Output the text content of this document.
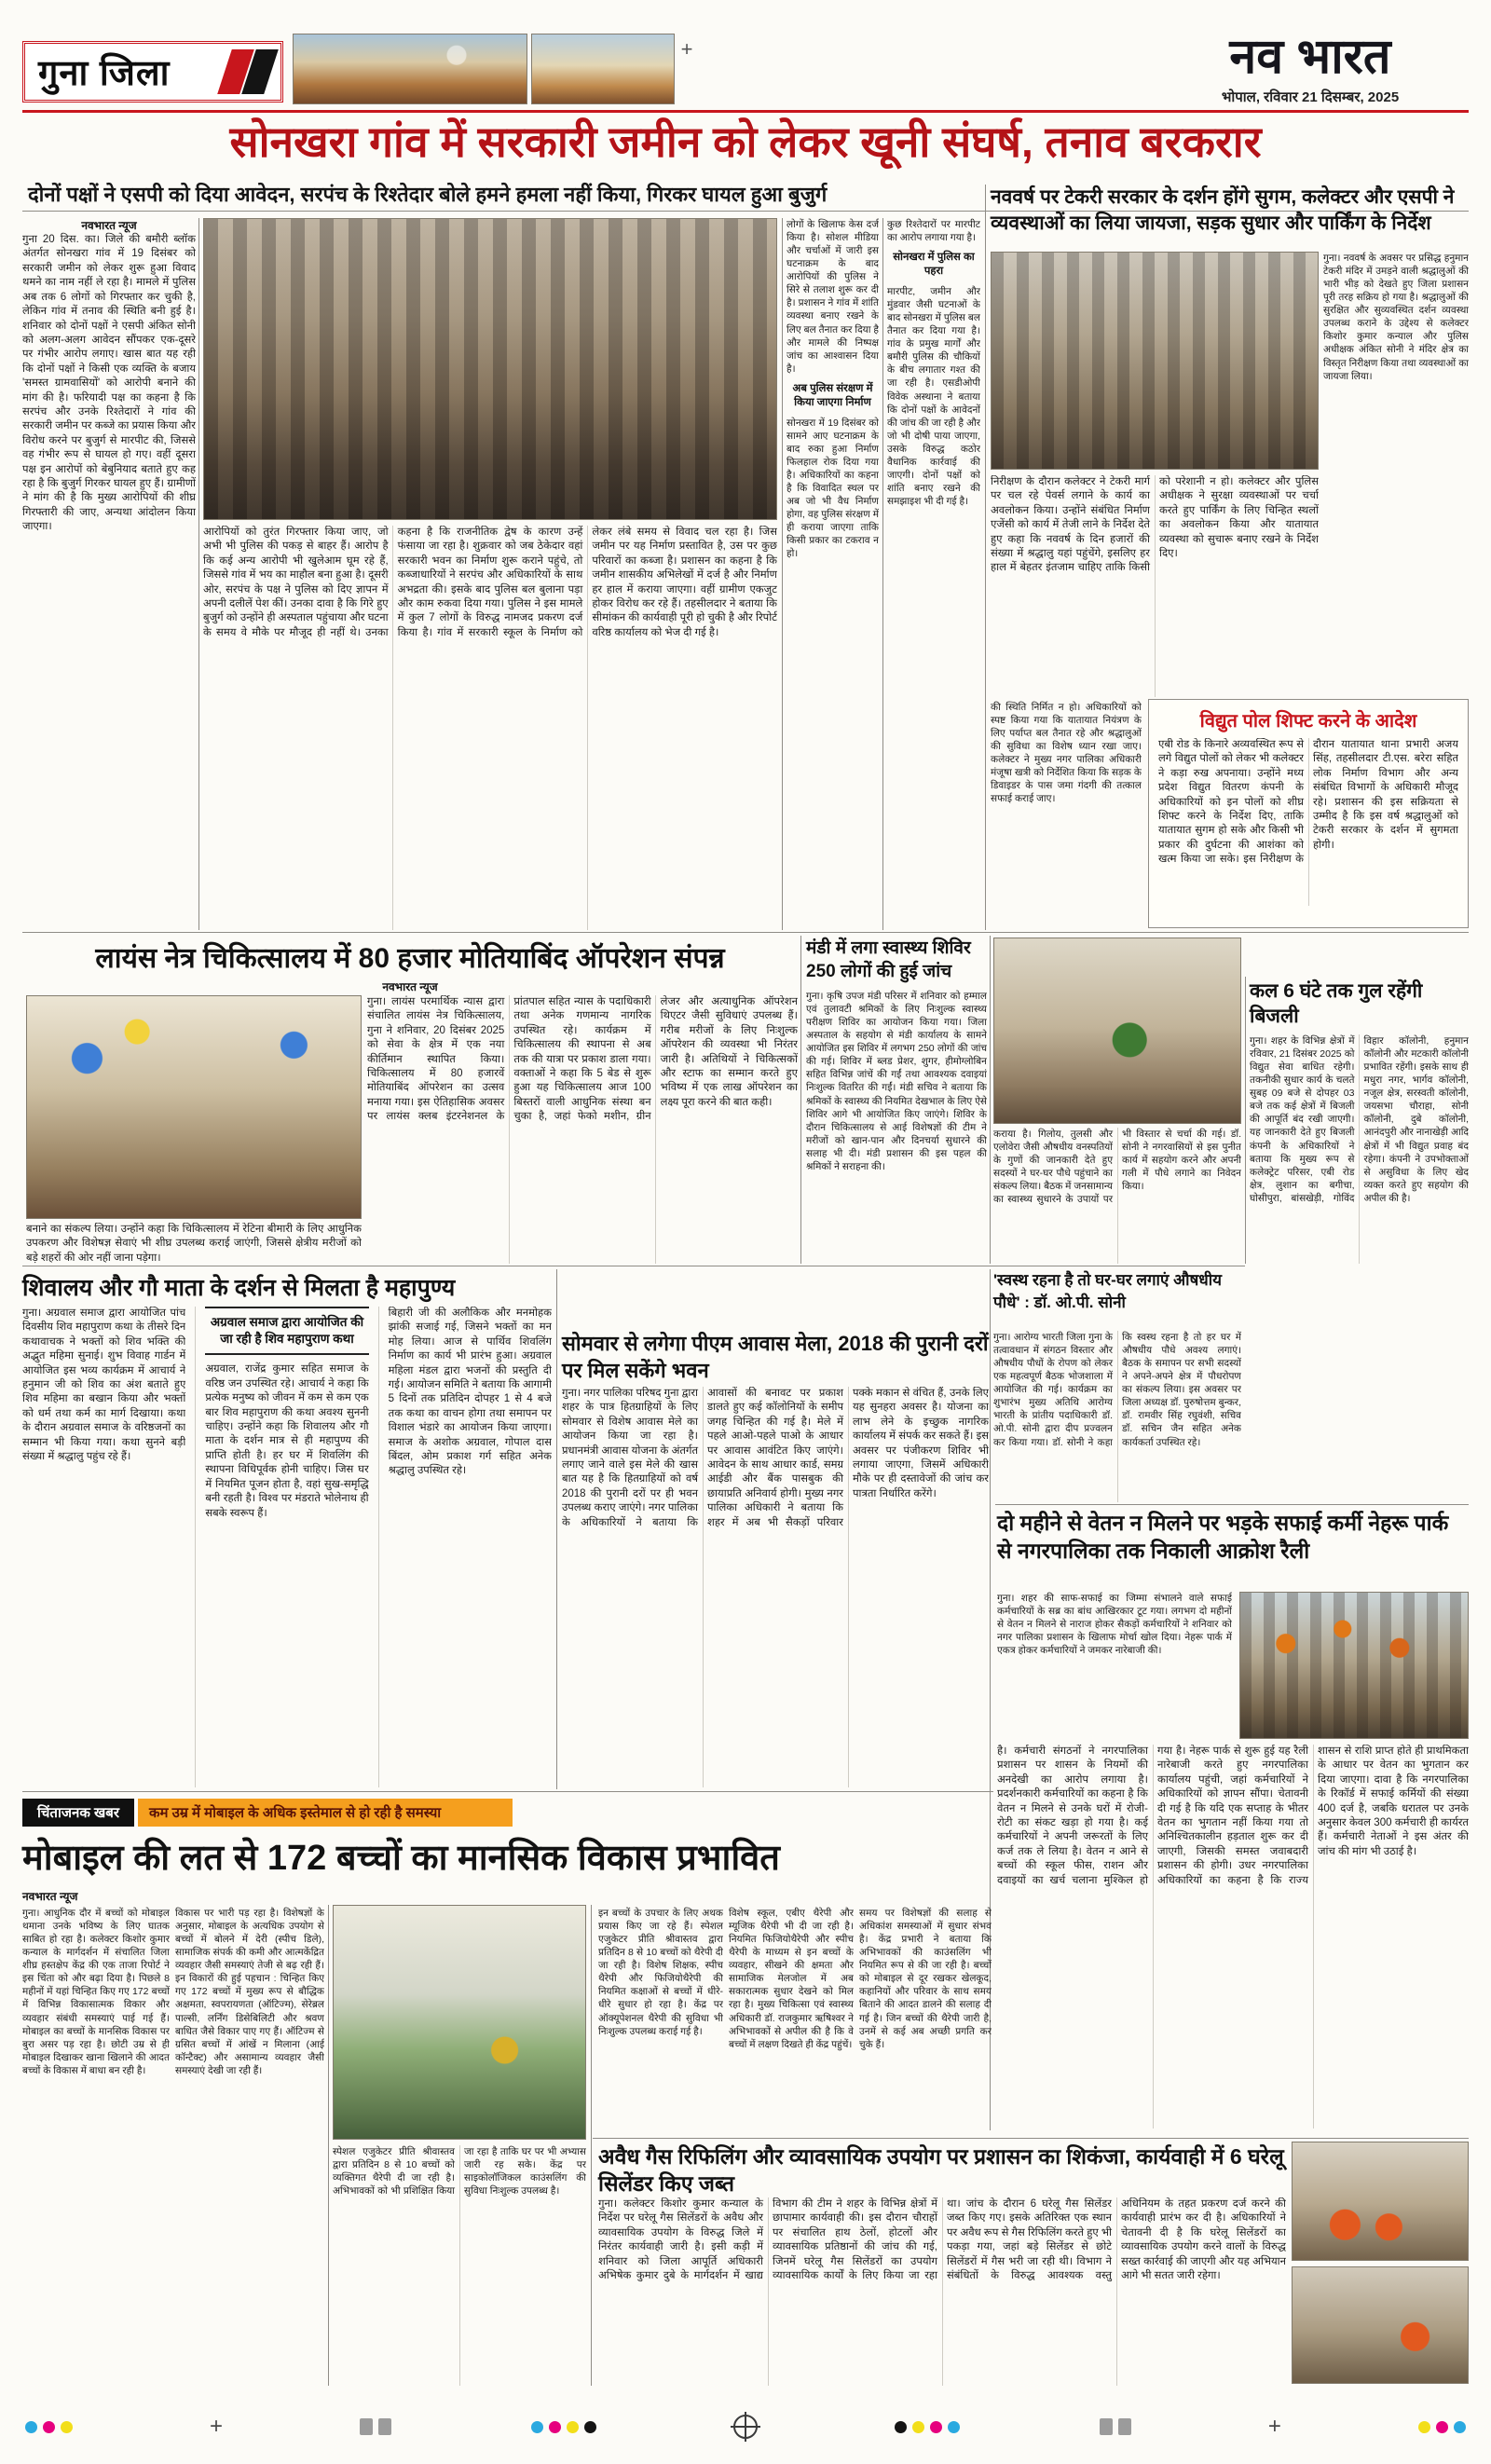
गुना जिला
+	नव भारत
भोपाल, रविवार 21 दिसम्बर, 2025
सोनखरा गांव में सरकारी जमीन को लेकर खूनी संघर्ष, तनाव बरकरार
दोनों पक्षों ने एसपी को दिया आवेदन, सरपंच के रिश्तेदार बोले हमने हमला नहीं किया, गिरकर घायल हुआ बुजुर्ग
नवभारत न्यूज

गुना 20 दिस. का। जिले की बमौरी ब्लॉक अंतर्गत सोनखरा गांव में 19 दिसंबर को सरकारी जमीन को लेकर शुरू हुआ विवाद थमने का नाम नहीं ले रहा है। मामले में पुलिस अब तक 6 लोगों को गिरफ्तार कर चुकी है, लेकिन गांव में तनाव की स्थिति बनी हुई है। शनिवार को दोनों पक्षों ने एसपी अंकित सोनी को अलग-अलग आवेदन सौंपकर एक-दूसरे पर गंभीर आरोप लगाए। खास बात यह रही कि दोनों पक्षों ने किसी एक व्यक्ति के बजाय 'समस्त ग्रामवासियों' को आरोपी बनाने की मांग की है। फरियादी पक्ष का कहना है कि सरपंच और उनके रिश्तेदारों ने गांव की सरकारी जमीन पर कब्जे का प्रयास किया और विरोध करने पर बुजुर्ग से मारपीट की, जिससे वह गंभीर रूप से घायल हो गए। वहीं दूसरा पक्ष इन आरोपों को बेबुनियाद बताते हुए कह रहा है कि बुजुर्ग गिरकर घायल हुए हैं। ग्रामीणों ने मांग की है कि मुख्य आरोपियों की शीघ्र गिरफ्तारी की जाए, अन्यथा आंदोलन किया जाएगा।

लोगों के खिलाफ केस दर्ज किया है। सोशल मीडिया और चर्चाओं में जारी इस घटनाक्रम के बाद आरोपियों की पुलिस ने सिरे से तलाश शुरू कर दी है। प्रशासन ने गांव में शांति व्यवस्था बनाए रखने के लिए बल तैनात कर दिया है और मामले की निष्पक्ष जांच का आश्वासन दिया है।

अब पुलिस संरक्षण में किया जाएगा निर्माण

सोनखरा में 19 दिसंबर को सामने आए घटनाक्रम के बाद रुका हुआ निर्माण फिलहाल रोक दिया गया है। अधिकारियों का कहना है कि विवादित स्थल पर अब जो भी वैध निर्माण होगा, वह पुलिस संरक्षण में ही कराया जाएगा ताकि किसी प्रकार का टकराव न हो।

कुछ रिश्तेदारों पर मारपीट का आरोप लगाया गया है।

सोनखरा में पुलिस का पहरा

मारपीट, जमीन और मुंडवार जैसी घटनाओं के बाद सोनखरा में पुलिस बल तैनात कर दिया गया है। गांव के प्रमुख मार्गों और बमौरी पुलिस की चौकियों के बीच लगातार गश्त की जा रही है। एसडीओपी विवेक अस्थाना ने बताया कि दोनों पक्षों के आवेदनों की जांच की जा रही है और जो भी दोषी पाया जाएगा, उसके विरुद्ध कठोर वैधानिक कार्रवाई की जाएगी। दोनों पक्षों को शांति बनाए रखने की समझाइश भी दी गई है।

आरोपियों को तुरंत गिरफ्तार किया जाए, जो अभी भी पुलिस की पकड़ से बाहर हैं। आरोप है कि कई अन्य आरोपी भी खुलेआम घूम रहे हैं, जिससे गांव में भय का माहौल बना हुआ है। दूसरी ओर, सरपंच के पक्ष ने पुलिस को दिए ज्ञापन में अपनी दलीलें पेश कीं। उनका दावा है कि गिरे हुए बुजुर्ग को उन्होंने ही अस्पताल पहुंचाया और घटना के समय वे मौके पर मौजूद ही नहीं थे। उनका कहना है कि राजनीतिक द्वेष के कारण उन्हें फंसाया जा रहा है। शुक्रवार को जब ठेकेदार वहां सरकारी भवन का निर्माण शुरू कराने पहुंचे, तो कब्जाधारियों ने सरपंच और अधिकारियों के साथ अभद्रता की। इसके बाद पुलिस बल बुलाना पड़ा और काम रुकवा दिया गया। पुलिस ने इस मामले में कुल 7 लोगों के विरुद्ध नामजद प्रकरण दर्ज किया है। गांव में सरकारी स्कूल के निर्माण को लेकर लंबे समय से विवाद चल रहा है। जिस जमीन पर यह निर्माण प्रस्तावित है, उस पर कुछ परिवारों का कब्जा है। प्रशासन का कहना है कि जमीन शासकीय अभिलेखों में दर्ज है और निर्माण हर हाल में कराया जाएगा। वहीं ग्रामीण एकजुट होकर विरोध कर रहे हैं। तहसीलदार ने बताया कि सीमांकन की कार्यवाही पूरी हो चुकी है और रिपोर्ट वरिष्ठ कार्यालय को भेज दी गई है।
नववर्ष पर टेकरी सरकार के दर्शन होंगे सुगम, कलेक्टर और एसपी ने व्यवस्थाओं का लिया जायजा, सड़क सुधार और पार्किंग के निर्देश
गुना। नववर्ष के अवसर पर प्रसिद्ध हनुमान टेकरी मंदिर में उमड़ने वाली श्रद्धालुओं की भारी भीड़ को देखते हुए जिला प्रशासन पूरी तरह सक्रिय हो गया है। श्रद्धालुओं की सुरक्षित और सुव्यवस्थित दर्शन व्यवस्था उपलब्ध कराने के उद्देश्य से कलेक्टर किशोर कुमार कन्याल और पुलिस अधीक्षक अंकित सोनी ने मंदिर क्षेत्र का विस्तृत निरीक्षण किया तथा व्यवस्थाओं का जायजा लिया।
निरीक्षण के दौरान कलेक्टर ने टेकरी मार्ग पर चल रहे पेवर्स लगाने के कार्य का अवलोकन किया। उन्होंने संबंधित निर्माण एजेंसी को कार्य में तेजी लाने के निर्देश देते हुए कहा कि नववर्ष के दिन हजारों की संख्या में श्रद्धालु यहां पहुंचेंगे, इसलिए हर हाल में बेहतर इंतजाम चाहिए ताकि किसी को परेशानी न हो। कलेक्टर और पुलिस अधीक्षक ने सुरक्षा व्यवस्थाओं पर चर्चा करते हुए पार्किंग के लिए चिन्हित स्थलों का अवलोकन किया और यातायात व्यवस्था को सुचारू बनाए रखने के निर्देश दिए।
की स्थिति निर्मित न हो। अधिकारियों को स्पष्ट किया गया कि यातायात नियंत्रण के लिए पर्याप्त बल तैनात रहे और श्रद्धालुओं की सुविधा का विशेष ध्यान रखा जाए। कलेक्टर ने मुख्य नगर पालिका अधिकारी मंजूषा खत्री को निर्देशित किया कि सड़क के डिवाइडर के पास जमा गंदगी की तत्काल सफाई कराई जाए।
विद्युत पोल शिफ्ट करने के आदेश
एबी रोड के किनारे अव्यवस्थित रूप से लगे विद्युत पोलों को लेकर भी कलेक्टर ने कड़ा रुख अपनाया। उन्होंने मध्य प्रदेश विद्युत वितरण कंपनी के अधिकारियों को इन पोलों को शीघ्र शिफ्ट करने के निर्देश दिए, ताकि यातायात सुगम हो सके और किसी भी प्रकार की दुर्घटना की आशंका को खत्म किया जा सके। इस निरीक्षण के दौरान यातायात थाना प्रभारी अजय सिंह, तहसीलदार टी.एस. बरेरा सहित लोक निर्माण विभाग और अन्य संबंधित विभागों के अधिकारी मौजूद रहे। प्रशासन की इस सक्रियता से उम्मीद है कि इस वर्ष श्रद्धालुओं को टेकरी सरकार के दर्शन में सुगमता होगी।
लायंस नेत्र चिकित्सालय में 80 हजार मोतियाबिंद ऑपरेशन संपन्न
नवभारत न्यूज
बनाने का संकल्प लिया। उन्होंने कहा कि चिकित्सालय में रेटिना बीमारी के लिए आधुनिक उपकरण और विशेषज्ञ सेवाएं भी शीघ्र उपलब्ध कराई जाएंगी, जिससे क्षेत्रीय मरीजों को बड़े शहरों की ओर नहीं जाना पड़ेगा।
गुना। लायंस परमार्थिक न्यास द्वारा संचालित लायंस नेत्र चिकित्सालय, गुना ने शनिवार, 20 दिसंबर 2025 को सेवा के क्षेत्र में एक नया कीर्तिमान स्थापित किया। चिकित्सालय में 80 हजारवें मोतियाबिंद ऑपरेशन का उत्सव मनाया गया। इस ऐतिहासिक अवसर पर लायंस क्लब इंटरनेशनल के प्रांतपाल सहित न्यास के पदाधिकारी तथा अनेक गणमान्य नागरिक उपस्थित रहे। कार्यक्रम में चिकित्सालय की स्थापना से अब तक की यात्रा पर प्रकाश डाला गया। वक्ताओं ने कहा कि 5 बेड से शुरू हुआ यह चिकित्सालय आज 100 बिस्तरों वाली आधुनिक संस्था बन चुका है, जहां फेको मशीन, ग्रीन लेजर और अत्याधुनिक ऑपरेशन थिएटर जैसी सुविधाएं उपलब्ध हैं। गरीब मरीजों के लिए निःशुल्क ऑपरेशन की व्यवस्था भी निरंतर जारी है। अतिथियों ने चिकित्सकों और स्टाफ का सम्मान करते हुए भविष्य में एक लाख ऑपरेशन का लक्ष्य पूरा करने की बात कही।
मंडी में लगा स्वास्थ्य शिविर 250 लोगों की हुई जांच
गुना। कृषि उपज मंडी परिसर में शनिवार को हम्माल एवं तुलावटी श्रमिकों के लिए निःशुल्क स्वास्थ्य परीक्षण शिविर का आयोजन किया गया। जिला अस्पताल के सहयोग से मंडी कार्यालय के सामने आयोजित इस शिविर में लगभग 250 लोगों की जांच की गई। शिविर में ब्लड प्रेशर, शुगर, हीमोग्लोबिन सहित विभिन्न जांचें की गईं तथा आवश्यक दवाइयां निःशुल्क वितरित की गईं। मंडी सचिव ने बताया कि श्रमिकों के स्वास्थ्य की नियमित देखभाल के लिए ऐसे शिविर आगे भी आयोजित किए जाएंगे। शिविर के दौरान चिकित्सालय से आई विशेषज्ञों की टीम ने मरीजों को खान-पान और दिनचर्या सुधारने की सलाह भी दी। मंडी प्रशासन की इस पहल की श्रमिकों ने सराहना की।
कराया है। गिलोय, तुलसी और एलोवेरा जैसी औषधीय वनस्पतियों के गुणों की जानकारी देते हुए सदस्यों ने घर-घर पौधे पहुंचाने का संकल्प लिया। बैठक में जनसामान्य का स्वास्थ्य सुधारने के उपायों पर भी विस्तार से चर्चा की गई। डॉ. सोनी ने नगरवासियों से इस पुनीत कार्य में सहयोग करने और अपनी गली में पौधे लगाने का निवेदन किया।
कल 6 घंटे तक गुल रहेंगी बिजली
गुना। शहर के विभिन्न क्षेत्रों में रविवार, 21 दिसंबर 2025 को विद्युत सेवा बाधित रहेगी। तकनीकी सुधार कार्य के चलते सुबह 09 बजे से दोपहर 03 बजे तक कई क्षेत्रों में बिजली की आपूर्ति बंद रखी जाएगी। यह जानकारी देते हुए बिजली कंपनी के अधिकारियों ने बताया कि मुख्य रूप से कलेक्ट्रेट परिसर, एबी रोड क्षेत्र, लुशान का बगीचा, घोसीपुरा, बांसखेड़ी, गोविंद विहार कॉलोनी, हनुमान कॉलोनी और मटकारी कॉलोनी प्रभावित रहेंगी। इसके साथ ही मधुरा नगर, भार्गव कॉलोनी, नजूल क्षेत्र, सरस्वती कॉलोनी, जयसभा चौराहा, सोनी कॉलोनी, दुबे कॉलोनी, आनंदपुरी और नानाखेड़ी आदि क्षेत्रों में भी विद्युत प्रवाह बंद रहेगा। कंपनी ने उपभोक्ताओं से असुविधा के लिए खेद व्यक्त करते हुए सहयोग की अपील की है।
शिवालय और गौ माता के दर्शन से मिलता है महापुण्य
गुना। अग्रवाल समाज द्वारा आयोजित पांच दिवसीय शिव महापुराण कथा के तीसरे दिन कथावाचक ने भक्तों को शिव भक्ति की अद्भुत महिमा सुनाई। शुभ विवाह गार्डन में आयोजित इस भव्य कार्यक्रम में आचार्य ने हनुमान जी को शिव का अंश बताते हुए शिव महिमा का बखान किया और भक्तों को धर्म तथा कर्म का मार्ग दिखाया। कथा के दौरान अग्रवाल समाज के वरिष्ठजनों का सम्मान भी किया गया। कथा सुनने बड़ी संख्या में श्रद्धालु पहुंच रहे हैं।
अग्रवाल समाज द्वारा आयोजित की जा रही है शिव महापुराण कथा

अग्रवाल, राजेंद्र कुमार सहित समाज के वरिष्ठ जन उपस्थित रहे। आचार्य ने कहा कि प्रत्येक मनुष्य को जीवन में कम से कम एक बार शिव महापुराण की कथा अवश्य सुननी चाहिए। उन्होंने कहा कि शिवालय और गौ माता के दर्शन मात्र से ही महापुण्य की प्राप्ति होती है। हर घर में शिवलिंग की स्थापना विधिपूर्वक होनी चाहिए। जिस घर में नियमित पूजन होता है, वहां सुख-समृद्धि बनी रहती है। विश्व पर मंडराते भोलेनाथ ही सबके स्वरूप हैं।

बिहारी जी की अलौकिक और मनमोहक झांकी सजाई गई, जिसने भक्तों का मन मोह लिया। आज से पार्थिव शिवलिंग निर्माण का कार्य भी प्रारंभ हुआ। अग्रवाल महिला मंडल द्वारा भजनों की प्रस्तुति दी गई। आयोजन समिति ने बताया कि आगामी 5 दिनों तक प्रतिदिन दोपहर 1 से 4 बजे तक कथा का वाचन होगा तथा समापन पर विशाल भंडारे का आयोजन किया जाएगा। समाज के अशोक अग्रवाल, गोपाल दास बिंदल, ओम प्रकाश गर्ग सहित अनेक श्रद्धालु उपस्थित रहे।
सोमवार से लगेगा पीएम आवास मेला, 2018 की पुरानी दरों पर मिल सकेंगे भवन
गुना। नगर पालिका परिषद गुना द्वारा शहर के पात्र हितग्राहियों के लिए सोमवार से विशेष आवास मेले का आयोजन किया जा रहा है। प्रधानमंत्री आवास योजना के अंतर्गत लगाए जाने वाले इस मेले की खास बात यह है कि हितग्राहियों को वर्ष 2018 की पुरानी दरों पर ही भवन उपलब्ध कराए जाएंगे। नगर पालिका के अधिकारियों ने बताया कि आवासों की बनावट पर प्रकाश डालते हुए कई कॉलोनियों के समीप जगह चिन्हित की गई है। मेले में पहले आओ-पहले पाओ के आधार पर आवास आवंटित किए जाएंगे। आवेदन के साथ आधार कार्ड, समग्र आईडी और बैंक पासबुक की छायाप्रति अनिवार्य होगी। मुख्य नगर पालिका अधिकारी ने बताया कि शहर में अब भी सैकड़ों परिवार पक्के मकान से वंचित हैं, उनके लिए यह सुनहरा अवसर है। योजना का लाभ लेने के इच्छुक नागरिक कार्यालय में संपर्क कर सकते हैं। इस अवसर पर पंजीकरण शिविर भी लगाया जाएगा, जिसमें अधिकारी मौके पर ही दस्तावेजों की जांच कर पात्रता निर्धारित करेंगे।
'स्वस्थ रहना है तो घर-घर लगाएं औषधीय पौधे' : डॉ. ओ.पी. सोनी
गुना। आरोग्य भारती जिला गुना के तत्वावधान में संगठन विस्तार और औषधीय पौधों के रोपण को लेकर एक महत्वपूर्ण बैठक भोजशाला में आयोजित की गई। कार्यक्रम का शुभारंभ मुख्य अतिथि आरोग्य भारती के प्रांतीय पदाधिकारी डॉ. ओ.पी. सोनी द्वारा दीप प्रज्वलन कर किया गया। डॉ. सोनी ने कहा कि स्वस्थ रहना है तो हर घर में औषधीय पौधे अवश्य लगाएं। बैठक के समापन पर सभी सदस्यों ने अपने-अपने क्षेत्र में पौधरोपण का संकल्प लिया। इस अवसर पर जिला अध्यक्ष डॉ. पुरुषोत्तम बुन्कर, डॉ. रामवीर सिंह रघुवंशी, सचिव डॉ. सचिन जैन सहित अनेक कार्यकर्ता उपस्थित रहे।
दो महीने से वेतन न मिलने पर भड़के सफाई कर्मी नेहरू पार्क से नगरपालिका तक निकाली आक्रोश रैली
गुना। शहर की साफ-सफाई का जिम्मा संभालने वाले सफाई कर्मचारियों के सब्र का बांध आखिरकार टूट गया। लगभग दो महीनों से वेतन न मिलने से नाराज होकर सैकड़ों कर्मचारियों ने शनिवार को नगर पालिका प्रशासन के खिलाफ मोर्चा खोल दिया। नेहरू पार्क में एकत्र होकर कर्मचारियों ने जमकर नारेबाजी की।
है। कर्मचारी संगठनों ने नगरपालिका प्रशासन पर शासन के नियमों की अनदेखी का आरोप लगाया है। प्रदर्शनकारी कर्मचारियों का कहना है कि वेतन न मिलने से उनके घरों में रोजी-रोटी का संकट खड़ा हो गया है। कई कर्मचारियों ने अपनी जरूरतों के लिए कर्ज तक ले लिया है। वेतन न आने से बच्चों की स्कूल फीस, राशन और दवाइयों का खर्च चलाना मुश्किल हो गया है। नेहरू पार्क से शुरू हुई यह रैली नारेबाजी करते हुए नगरपालिका कार्यालय पहुंची, जहां कर्मचारियों ने अधिकारियों को ज्ञापन सौंपा। चेतावनी दी गई है कि यदि एक सप्ताह के भीतर वेतन का भुगतान नहीं किया गया तो अनिश्चितकालीन हड़ताल शुरू कर दी जाएगी, जिसकी समस्त जवाबदारी प्रशासन की होगी। उधर नगरपालिका अधिकारियों का कहना है कि राज्य शासन से राशि प्राप्त होते ही प्राथमिकता के आधार पर वेतन का भुगतान कर दिया जाएगा। दावा है कि नगरपालिका के रिकॉर्ड में सफाई कर्मियों की संख्या 400 दर्ज है, जबकि धरातल पर उनके अनुसार केवल 300 कर्मचारी ही कार्यरत हैं। कर्मचारी नेताओं ने इस अंतर की जांच की मांग भी उठाई है।
चिंताजनक खबर	कम उम्र में मोबाइल के अधिक इस्तेमाल से हो रही है समस्या
मोबाइल की लत से 172 बच्चों का मानसिक विकास प्रभावित
नवभारत न्यूज
गुना। आधुनिक दौर में बच्चों को मोबाइल थमाना उनके भविष्य के लिए घातक साबित हो रहा है। कलेक्टर किशोर कुमार कन्याल के मार्गदर्शन में संचालित जिला शीघ्र हस्तक्षेप केंद्र की एक ताजा रिपोर्ट ने इस चिंता को और बढ़ा दिया है। पिछले 8 महीनों में यहां चिन्हित किए गए 172 बच्चों में विभिन्न विकासात्मक विकार और व्यवहार संबंधी समस्याएं पाई गई हैं। मोबाइल का बच्चों के मानसिक विकास पर बुरा असर पड़ रहा है। छोटी उम्र से ही मोबाइल दिखाकर खाना खिलाने की आदत बच्चों के विकास में बाधा बन रही है।
विकास पर भारी पड़ रहा है। विशेषज्ञों के अनुसार, मोबाइल के अत्यधिक उपयोग से बच्चों में बोलने में देरी (स्पीच डिले), सामाजिक संपर्क की कमी और आत्मकेंद्रित व्यवहार जैसी समस्याएं तेजी से बढ़ रही हैं। इन विकारों की हुई पहचान : चिन्हित किए गए 172 बच्चों में मुख्य रूप से बौद्धिक अक्षमता, स्वपरायणता (ऑटिज्म), सेरेब्रल पाल्सी, लर्निंग डिसेबिलिटी और श्रवण बाधित जैसे विकार पाए गए हैं। ऑटिज्म से ग्रसित बच्चों में आंखें न मिलाना (आई कॉन्टैक्ट) और असामान्य व्यवहार जैसी समस्याएं देखी जा रही हैं।
स्पेशल एजुकेटर प्रीति श्रीवास्तव द्वारा प्रतिदिन 8 से 10 बच्चों को व्यक्तिगत थैरेपी दी जा रही है। अभिभावकों को भी प्रशिक्षित किया जा रहा है ताकि घर पर भी अभ्यास जारी रह सके। केंद्र पर साइकोलॉजिकल काउंसलिंग की सुविधा निःशुल्क उपलब्ध है।
इन बच्चों के उपचार के लिए अथक प्रयास किए जा रहे हैं। स्पेशल एजुकेटर प्रीति श्रीवास्तव द्वारा प्रतिदिन 8 से 10 बच्चों को थैरेपी दी जा रही है। विशेष शिक्षक, स्पीच थैरेपी और फिजियोथैरेपी की नियमित कक्षाओं से बच्चों में धीरे-धीरे सुधार हो रहा है। केंद्र पर ऑक्यूपेशनल थैरेपी की सुविधा भी निःशुल्क उपलब्ध कराई गई है।
विशेष स्कूल, एबीए थैरेपी और म्यूजिक थैरेपी भी दी जा रही है। नियमित फिजियोथैरेपी और स्पीच थैरेपी के माध्यम से इन बच्चों के व्यवहार, सीखने की क्षमता और सामाजिक मेलजोल में अब सकारात्मक सुधार देखने को मिल रहा है। मुख्य चिकित्सा एवं स्वास्थ्य अधिकारी डॉ. राजकुमार ऋषिश्वर ने अभिभावकों से अपील की है कि वे बच्चों में लक्षण दिखते ही केंद्र पहुंचें।
समय पर विशेषज्ञों की सलाह से अधिकांश समस्याओं में सुधार संभव है। केंद्र प्रभारी ने बताया कि अभिभावकों की काउंसलिंग भी नियमित रूप से की जा रही है। बच्चों को मोबाइल से दूर रखकर खेलकूद, कहानियों और परिवार के साथ समय बिताने की आदत डालने की सलाह दी गई है। जिन बच्चों की थैरेपी जारी है, उनमें से कई अब अच्छी प्रगति कर चुके हैं।
अवैध गैस रिफिलिंग और व्यावसायिक उपयोग पर प्रशासन का शिकंजा, कार्यवाही में 6 घरेलू सिलेंडर किए जब्त
गुना। कलेक्टर किशोर कुमार कन्याल के निर्देश पर घरेलू गैस सिलेंडरों के अवैध और व्यावसायिक उपयोग के विरुद्ध जिले में निरंतर कार्यवाही जारी है। इसी कड़ी में शनिवार को जिला आपूर्ति अधिकारी अभिषेक कुमार दुबे के मार्गदर्शन में खाद्य विभाग की टीम ने शहर के विभिन्न क्षेत्रों में छापामार कार्यवाही की। इस दौरान चौराहों पर संचालित हाथ ठेलों, होटलों और व्यावसायिक प्रतिष्ठानों की जांच की गई, जिनमें घरेलू गैस सिलेंडरों का उपयोग व्यावसायिक कार्यों के लिए किया जा रहा था। जांच के दौरान 6 घरेलू गैस सिलेंडर जब्त किए गए। इसके अतिरिक्त एक स्थान पर अवैध रूप से गैस रिफिलिंग करते हुए भी पकड़ा गया, जहां बड़े सिलेंडर से छोटे सिलेंडरों में गैस भरी जा रही थी। विभाग ने संबंधितों के विरुद्ध आवश्यक वस्तु अधिनियम के तहत प्रकरण दर्ज करने की कार्यवाही प्रारंभ कर दी है। अधिकारियों ने चेतावनी दी है कि घरेलू सिलेंडरों का व्यावसायिक उपयोग करने वालों के विरुद्ध सख्त कार्रवाई की जाएगी और यह अभियान आगे भी सतत जारी रहेगा।
+	+
